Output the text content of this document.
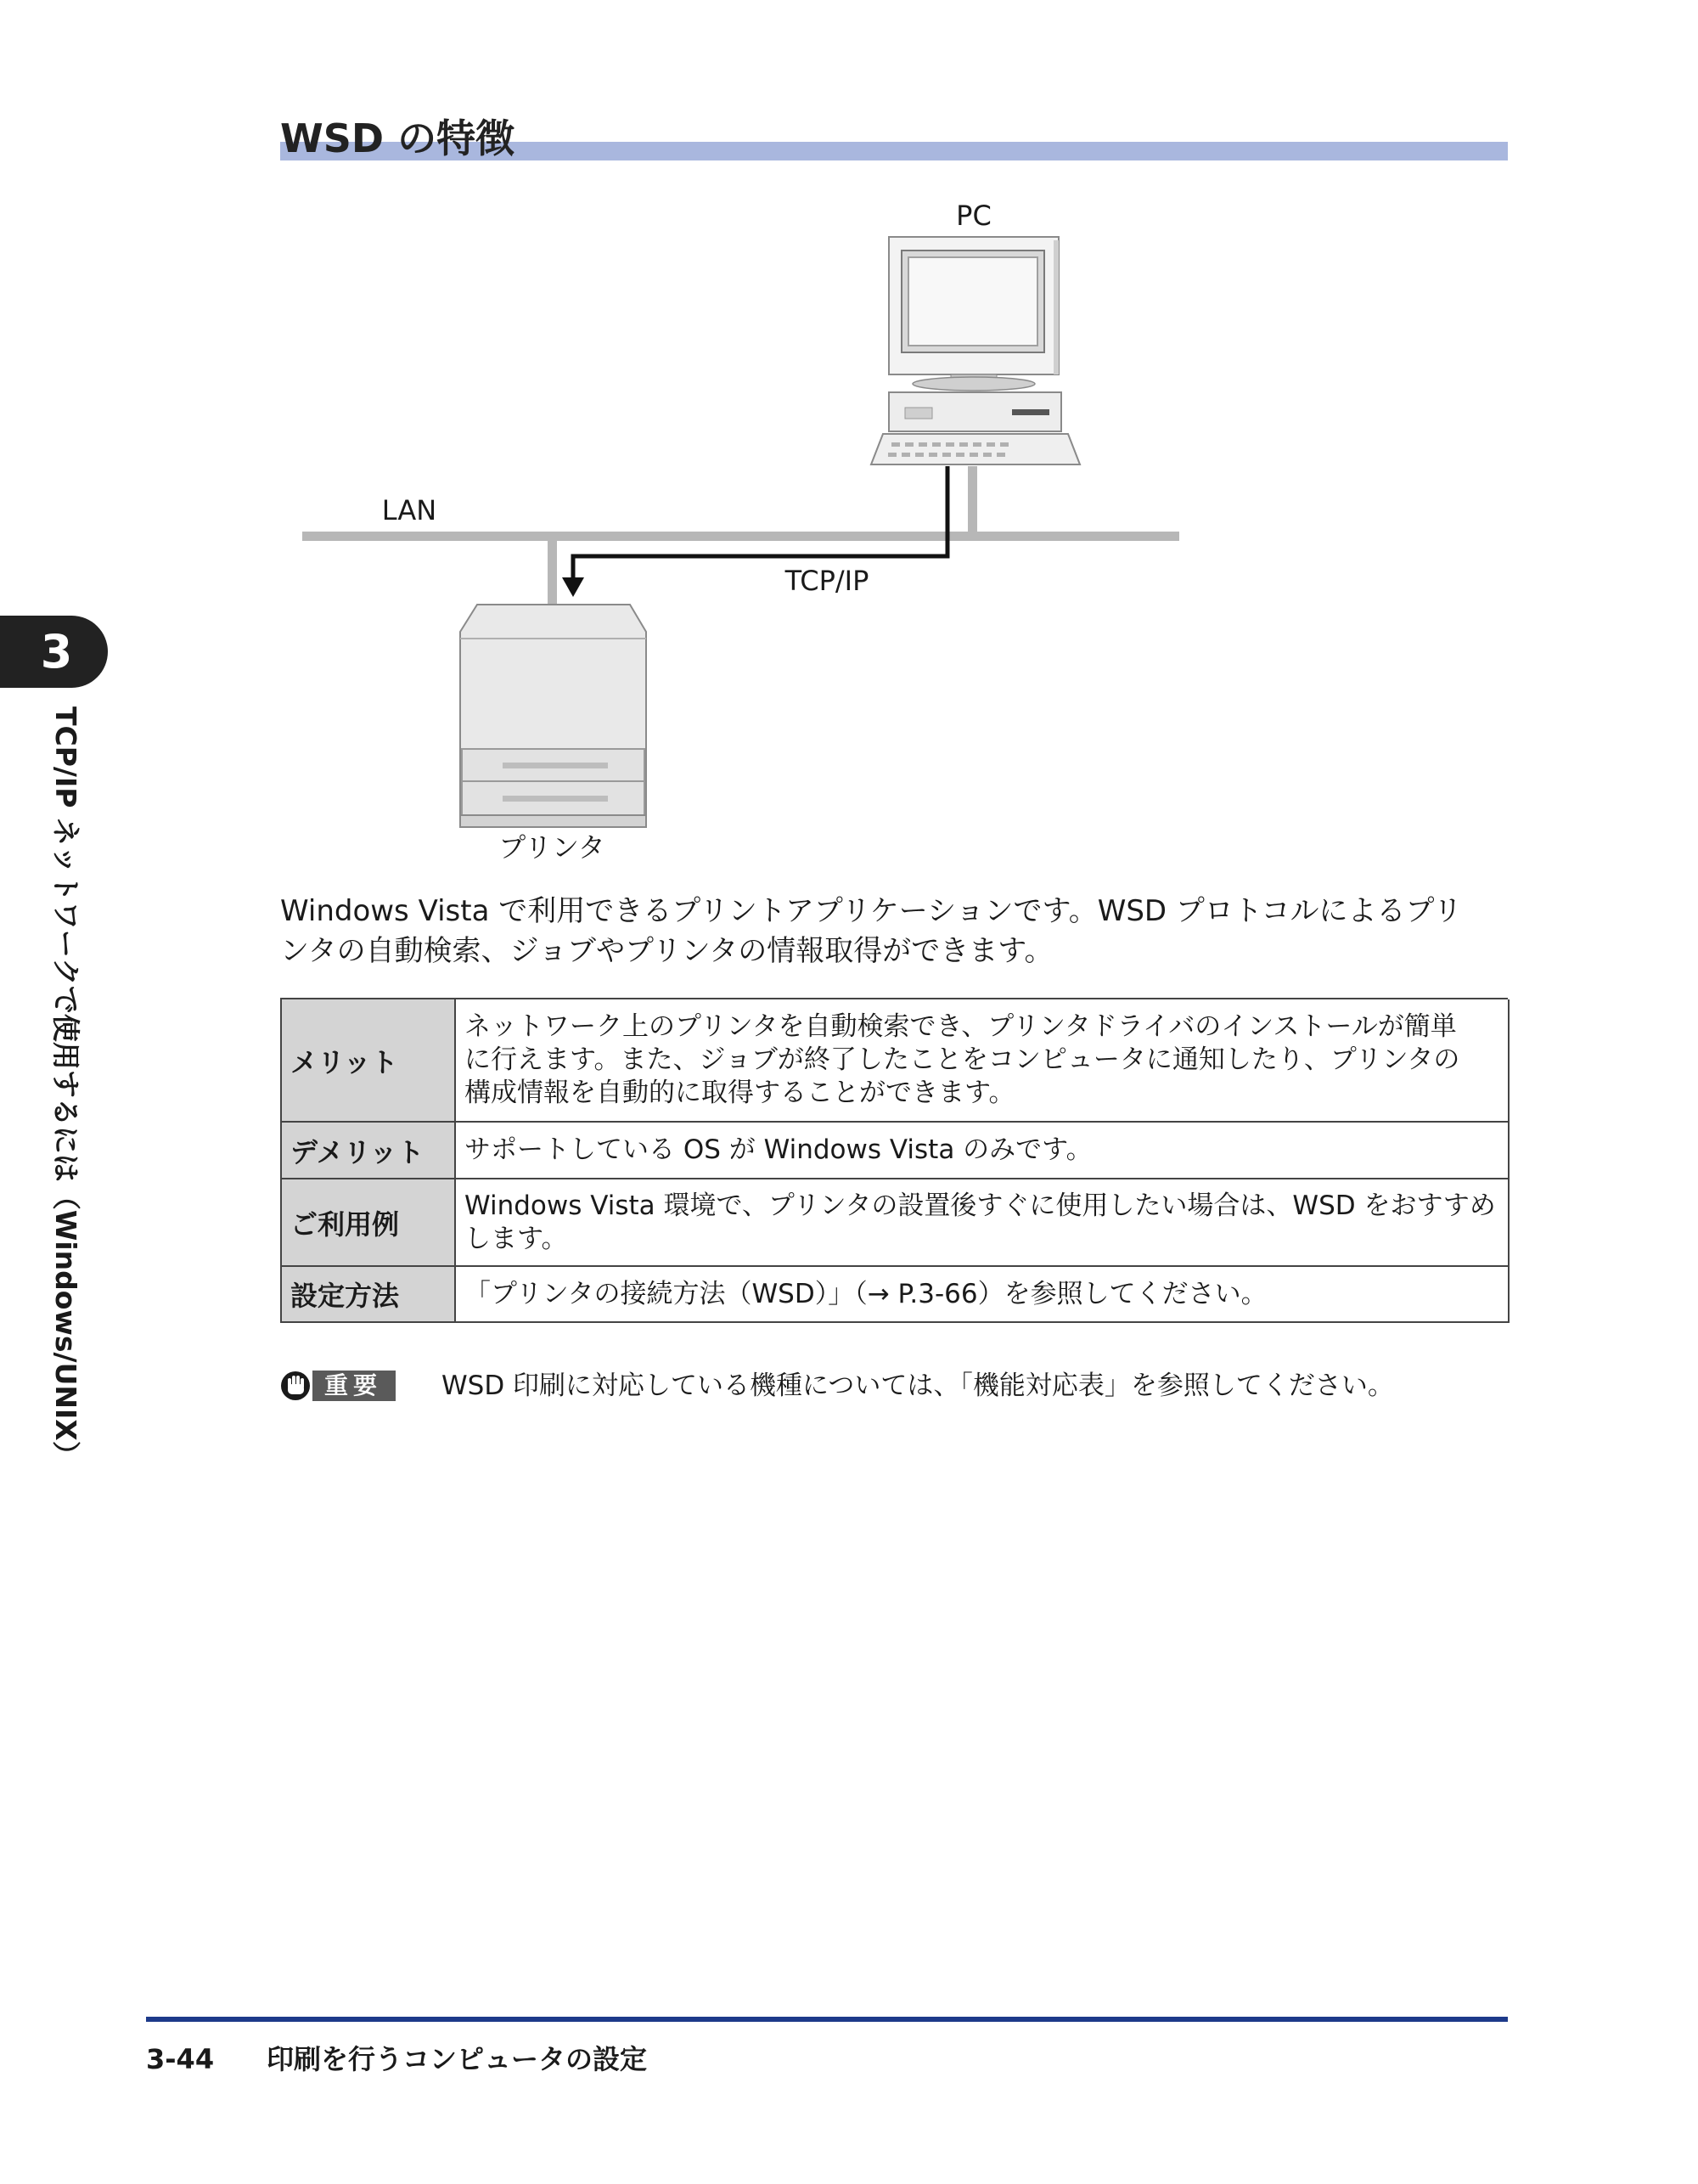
3
TCP/IP ネットワークで使用するには（Windows/UNIX）
WSD の特徴
PC
LAN
TCP/IP
プリンタ
Windows Vista で利用できるプリントアプリケーションです。WSD プロトコルによるプリ
ンタの自動検索、ジョブやプリンタの情報取得ができます。
メリット
ネットワーク上のプリンタを自動検索でき、プリンタドライバのインストールが簡単
に行えます。また、ジョブが終了したことをコンピュータに通知したり、プリンタの
構成情報を自動的に取得することができます。
デメリット	サポートしている OS が Windows Vista のみです。
ご利用例
Windows Vista 環境で、プリンタの設置後すぐに使用したい場合は、WSD をおすすめ
します。
設定方法	「プリンタの接続方法（WSD）」（→ P.3-66）を参照してください。
重要 WSD 印刷に対応している機種については、「機能対応表」を参照してください。
3-44 印刷を行うコンピュータの設定
